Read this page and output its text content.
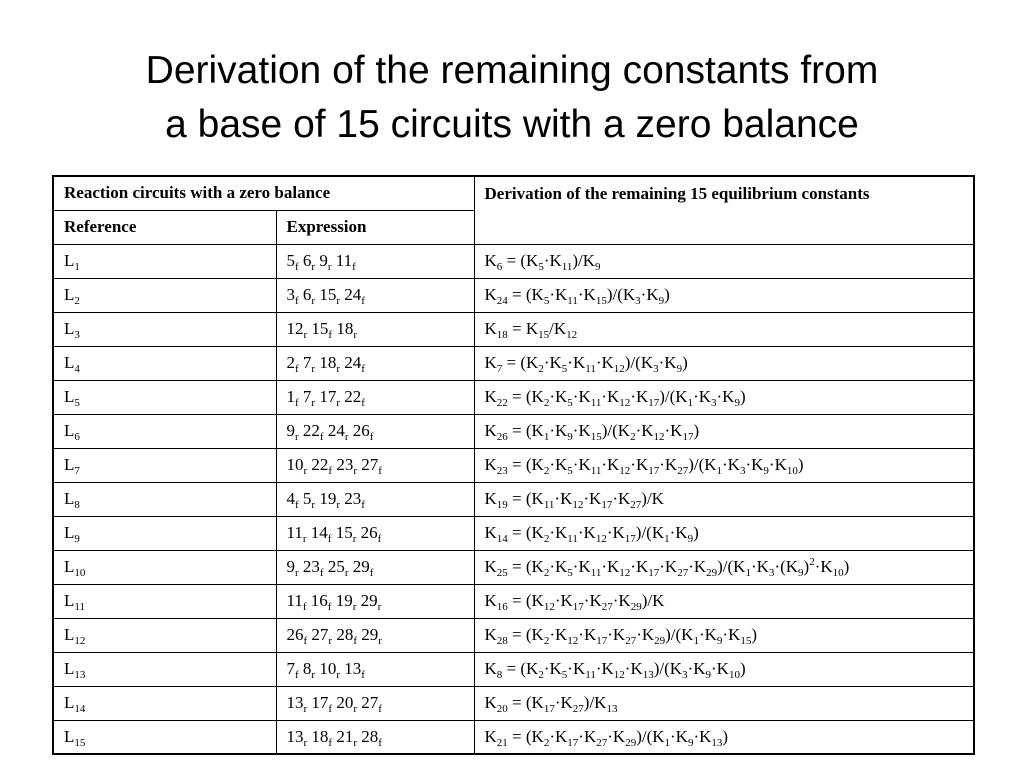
Derivation of the remaining constants from
a base of 15 circuits with a zero balance
Reaction circuits with a zero balance		Derivation of the remaining 15 equilibrium constants
Reference	Expression	
$L_1$	$5_f$ $6_r$ $9_r$ $11_f$	$K_6 = (K_5\cdot K_{11})/K_9$
$L_2$	$3_f$ $6_r$ $15_r$ $24_f$	$K_{24} = (K_5\cdot K_{11}\cdot K_{15})/(K_3\cdot K_9)$
$L_3$	$12_r$ $15_f$ $18_r$	$K_{18} = K_{15}/K_{12}$
$L_4$	$2_f$ $7_r$ $18_r$ $24_f$	$K_7 = (K_2\cdot K_5\cdot K_{11}\cdot K_{12})/(K_3\cdot K_9)$
$L_5$	$1_f$ $7_r$ $17_r$ $22_f$	$K_{22} = (K_2\cdot K_5\cdot K_{11}\cdot K_{12}\cdot K_{17})/(K_1\cdot K_3\cdot K_9)$
$L_6$	$9_r$ $22_f$ $24_r$ $26_f$	$K_{26} = (K_1\cdot K_9\cdot K_{15})/(K_2\cdot K_{12}\cdot K_{17})$
$L_7$	$10_r$ $22_f$ $23_r$ $27_f$	$K_{23} = (K_2\cdot K_5\cdot K_{11}\cdot K_{12}\cdot K_{17}\cdot K_{27})/(K_1\cdot K_3\cdot K_9\cdot K_{10})$
$L_8$	$4_f$ $5_r$ $19_r$ $23_f$	$K_{19} = (K_{11}\cdot K_{12}\cdot K_{17}\cdot K_{27})/K$
$L_9$	$11_r$ $14_f$ $15_r$ $26_f$	$K_{14} = (K_2\cdot K_{11}\cdot K_{12}\cdot K_{17})/(K_1\cdot K_9)$
$L_{10}$	$9_r$ $23_f$ $25_r$ $29_f$	$K_{25} = (K_2\cdot K_5\cdot K_{11}\cdot K_{12}\cdot K_{17}\cdot K_{27}\cdot K_{29})/(K_1\cdot K_3\cdot(K_9)^2\cdot K_{10})$
$L_{11}$	$11_f$ $16_f$ $19_r$ $29_r$	$K_{16} = (K_{12}\cdot K_{17}\cdot K_{27}\cdot K_{29})/K$
$L_{12}$	$26_f$ $27_r$ $28_f$ $29_r$	$K_{28} = (K_2\cdot K_{12}\cdot K_{17}\cdot K_{27}\cdot K_{29})/(K_1\cdot K_9\cdot K_{15})$
$L_{13}$	$7_f$ $8_r$ $10_r$ $13_f$	$K_8 = (K_2\cdot K_5\cdot K_{11}\cdot K_{12}\cdot K_{13})/(K_3\cdot K_9\cdot K_{10})$
$L_{14}$	$13_r$ $17_f$ $20_r$ $27_f$	$K_{20} = (K_{17}\cdot K_{27})/K_{13}$
$L_{15}$	$13_r$ $18_f$ $21_r$ $28_f$	$K_{21} = (K_2\cdot K_{17}\cdot K_{27}\cdot K_{29})/(K_1\cdot K_9\cdot K_{13})$
